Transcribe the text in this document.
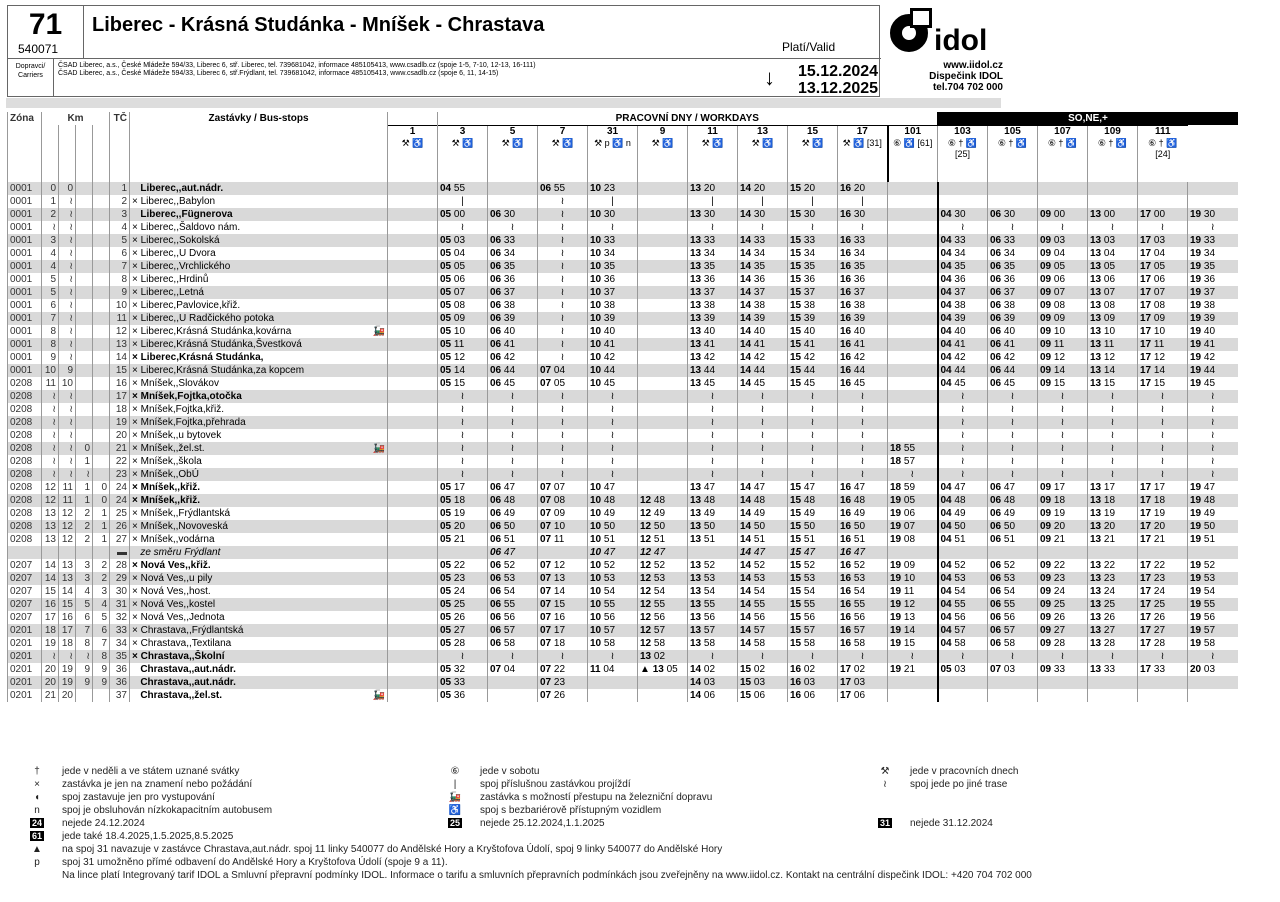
71
540071
Liberec - Krásná Studánka - Mníšek - Chrastava
Platí/Valid
Dopravci/ Carriers
ČSAD Liberec, a.s., České Mládeže 594/33, Liberec 6, stř. Liberec, tel. 739681042, informace 485105413, www.csadlb.cz (spoje 1-5, 7-10, 12-13, 16-111)
ČSAD Liberec, a.s., České Mládeže 594/33, Liberec 6, stř.Frýdlant, tel. 739681042, informace 485105413, www.csadlb.cz (spoje 6, 11, 14-15)	↓ 15.12.2024
13.12.2025
idol
www.iidol.cz
Dispečink IDOL
tel.704 702 000
Zóna	Km				TČ	Zastávky / Bus-stops		PRACOVNÍ DNY / WORKDAYS										SO,NE,+					
							1	3	5	7	31	9	11	13	15	17	101	103	105	107	109	111	
							⚒ ♿	⚒ ♿	⚒ ♿	⚒ ♿	⚒ p ♿ n	⚒ ♿	⚒ ♿	⚒ ♿	⚒ ♿	⚒ ♿ [31]	⑥ ♿ [61]	⑥ † ♿ [25]	⑥ † ♿	⑥ † ♿	⑥ † ♿	⑥ † ♿ [24]	
0001	0	0			1	Liberec,,aut.nádr.		04 55		06 55	10 23		13 20	14 20	15 20	16 20							
0001	1	≀			2	× Liberec,,Babylon		|		≀	|		|	|	|	|							
0001	2	≀			3	Liberec,,Fügnerova		05 00	06 30	≀	10 30		13 30	14 30	15 30	16 30		04 30	06 30	09 00	13 00	17 00	19 30
0001	≀	≀			4	× Liberec,,Šaldovo nám.		≀	≀	≀	≀		≀	≀	≀	≀		≀	≀	≀	≀	≀	≀
0001	3	≀			5	× Liberec,,Sokolská		05 03	06 33	≀	10 33		13 33	14 33	15 33	16 33		04 33	06 33	09 03	13 03	17 03	19 33
0001	4	≀			6	× Liberec,,U Dvora		05 04	06 34	≀	10 34		13 34	14 34	15 34	16 34		04 34	06 34	09 04	13 04	17 04	19 34
0001	4	≀			7	× Liberec,,Vrchlického		05 05	06 35	≀	10 35		13 35	14 35	15 35	16 35		04 35	06 35	09 05	13 05	17 05	19 35
0001	5	≀			8	× Liberec,,Hrdinů		05 06	06 36	≀	10 36		13 36	14 36	15 36	16 36		04 36	06 36	09 06	13 06	17 06	19 36
0001	5	≀			9	× Liberec,,Letná		05 07	06 37	≀	10 37		13 37	14 37	15 37	16 37		04 37	06 37	09 07	13 07	17 07	19 37
0001	6	≀			10	× Liberec,Pavlovice,křiž.		05 08	06 38	≀	10 38		13 38	14 38	15 38	16 38		04 38	06 38	09 08	13 08	17 08	19 38
0001	7	≀			11	× Liberec,,U Radčického potoka		05 09	06 39	≀	10 39		13 39	14 39	15 39	16 39		04 39	06 39	09 09	13 09	17 09	19 39
0001	8	≀			12	× Liberec,Krásná Studánka,kovárna 🚂		05 10	06 40	≀	10 40		13 40	14 40	15 40	16 40		04 40	06 40	09 10	13 10	17 10	19 40
0001	8	≀			13	× Liberec,Krásná Studánka,Švestková		05 11	06 41	≀	10 41		13 41	14 41	15 41	16 41		04 41	06 41	09 11	13 11	17 11	19 41
0001	9	≀			14	× Liberec,Krásná Studánka,		05 12	06 42	≀	10 42		13 42	14 42	15 42	16 42		04 42	06 42	09 12	13 12	17 12	19 42
0001	10	9			15	× Liberec,Krásná Studánka,za kopcem		05 14	06 44	07 04	10 44		13 44	14 44	15 44	16 44		04 44	06 44	09 14	13 14	17 14	19 44
0208	11	10			16	× Mníšek,,Slovákov		05 15	06 45	07 05	10 45		13 45	14 45	15 45	16 45		04 45	06 45	09 15	13 15	17 15	19 45
0208	≀	≀			17	× Mníšek,Fojtka,otočka		≀	≀	≀	≀		≀	≀	≀	≀		≀	≀	≀	≀	≀	≀
0208	≀	≀			18	× Mníšek,Fojtka,křiž.		≀	≀	≀	≀		≀	≀	≀	≀		≀	≀	≀	≀	≀	≀
0208	≀	≀			19	× Mníšek,Fojtka,přehrada		≀	≀	≀	≀		≀	≀	≀	≀		≀	≀	≀	≀	≀	≀
0208	≀	≀			20	× Mníšek,,u bytovek		≀	≀	≀	≀		≀	≀	≀	≀		≀	≀	≀	≀	≀	≀
0208	≀	≀	0		21	× Mníšek,,žel.st. 🚂		≀	≀	≀	≀		≀	≀	≀	≀	18 55	≀	≀	≀	≀	≀	≀
0208	≀	≀	1		22	× Mníšek,,škola		≀	≀	≀	≀		≀	≀	≀	≀	18 57	≀	≀	≀	≀	≀	≀
0208	≀	≀	≀		23	× Mníšek,,ObÚ		≀	≀	≀	≀		≀	≀	≀	≀	≀	≀	≀	≀	≀	≀	≀
0208	12	11	1	0	24	× Mníšek,,křiž.		05 17	06 47	07 07	10 47		13 47	14 47	15 47	16 47	18 59	04 47	06 47	09 17	13 17	17 17	19 47
0208	12	11	1	0	24	× Mníšek,,křiž.		05 18	06 48	07 08	10 48	12 48	13 48	14 48	15 48	16 48	19 05	04 48	06 48	09 18	13 18	17 18	19 48
0208	13	12	2	1	25	× Mníšek,,Frýdlantská		05 19	06 49	07 09	10 49	12 49	13 49	14 49	15 49	16 49	19 06	04 49	06 49	09 19	13 19	17 19	19 49
0208	13	12	2	1	26	× Mníšek,,Novoveská		05 20	06 50	07 10	10 50	12 50	13 50	14 50	15 50	16 50	19 07	04 50	06 50	09 20	13 20	17 20	19 50
0208	13	12	2	1	27	× Mníšek,,vodárna		05 21	06 51	07 11	10 51	12 51	13 51	14 51	15 51	16 51	19 08	04 51	06 51	09 21	13 21	17 21	19 51
					▬	ze směru Frýdlant			06 47		10 47	12 47		14 47	15 47	16 47							
0207	14	13	3	2	28	× Nová Ves,,křiž.		05 22	06 52	07 12	10 52	12 52	13 52	14 52	15 52	16 52	19 09	04 52	06 52	09 22	13 22	17 22	19 52
0207	14	13	3	2	29	× Nová Ves,,u pily		05 23	06 53	07 13	10 53	12 53	13 53	14 53	15 53	16 53	19 10	04 53	06 53	09 23	13 23	17 23	19 53
0207	15	14	4	3	30	× Nová Ves,,host.		05 24	06 54	07 14	10 54	12 54	13 54	14 54	15 54	16 54	19 11	04 54	06 54	09 24	13 24	17 24	19 54
0207	16	15	5	4	31	× Nová Ves,,kostel		05 25	06 55	07 15	10 55	12 55	13 55	14 55	15 55	16 55	19 12	04 55	06 55	09 25	13 25	17 25	19 55
0207	17	16	6	5	32	× Nová Ves,,Jednota		05 26	06 56	07 16	10 56	12 56	13 56	14 56	15 56	16 56	19 13	04 56	06 56	09 26	13 26	17 26	19 56
0201	18	17	7	6	33	× Chrastava,,Frýdlantská		05 27	06 57	07 17	10 57	12 57	13 57	14 57	15 57	16 57	19 14	04 57	06 57	09 27	13 27	17 27	19 57
0201	19	18	8	7	34	× Chrastava,,Textilana		05 28	06 58	07 18	10 58	12 58	13 58	14 58	15 58	16 58	19 15	04 58	06 58	09 28	13 28	17 28	19 58
0201	≀	≀	≀	8	35	× Chrastava,,Školní		≀	≀	≀	≀	13 02	≀	≀	≀	≀	≀	≀	≀	≀	≀	≀	≀
0201	20	19	9	9	36	Chrastava,,aut.nádr.		05 32	07 04	07 22	11 04	▲ 13 05	14 02	15 02	16 02	17 02	19 21	05 03	07 03	09 33	13 33	17 33	20 03
0201	20	19	9	9	36	Chrastava,,aut.nádr.		05 33		07 23			14 03	15 03	16 03	17 03							
0201	21	20			37	Chrastava,,žel.st. 🚂		05 36		07 26			14 06	15 06	16 06	17 06							
† jede v neděli a ve státem uznané svátky
× zastávka je jen na znamení nebo požádání
◖ spoj zastavuje jen pro vystupování
n spoj je obsluhován nízkokapacitním autobusem
24 nejede 24.12.2024
61 jede také 18.4.2025,1.5.2025,8.5.2025
⑥ jede v sobotu
| spoj příslušnou zastávkou projíždí
🚂 zastávka s možností přestupu na železniční dopravu
♿ spoj s bezbariérově přístupným vozidlem
25 nejede 25.12.2024,1.1.2025
⚒ jede v pracovních dnech
≀ spoj jede po jiné trase
31 nejede 31.12.2024
▲ na spoj 31 navazuje v zastávce Chrastava,aut.nádr. spoj 11 linky 540077 do Andělské Hory a Kryštofova Údolí, spoj 9 linky 540077 do Andělské Hory
p spoj 31 umožněno přímé odbavení do Andělské Hory a Kryštofova Údolí (spoje 9 a 11).
Na lince platí Integrovaný tarif IDOL a Smluvní přepravní podmínky IDOL. Informace o tarifu a smluvních přepravních podmínkách jsou zveřejněny na www.iidol.cz. Kontakt na centrální dispečink IDOL: +420 704 702 000
